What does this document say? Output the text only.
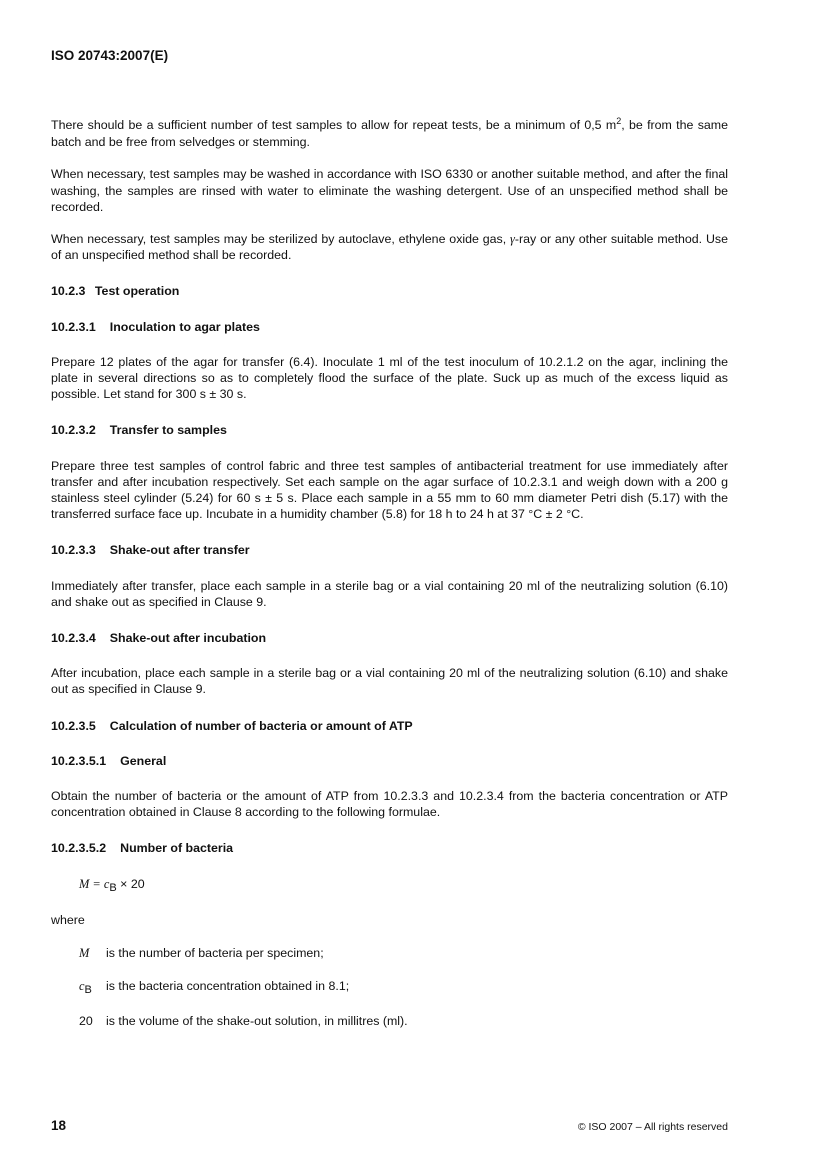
ISO 20743:2007(E)

There should be a sufficient number of test samples to allow for repeat tests, be a minimum of 0,5 $m^2$, be from the same batch and be free from selvedges or stemming.

When necessary, test samples may be washed in accordance with ISO 6330 or another suitable method, and after the final washing, the samples are rinsed with water to eliminate the washing detergent. Use of an unspecified method shall be recorded.

When necessary, test samples may be sterilized by autoclave, ethylene oxide gas, γ-ray or any other suitable method. Use of an unspecified method shall be recorded.

10.2.3 Test operation
10.2.3.1 Inoculation to agar plates

Prepare 12 plates of the agar for transfer (6.4). Inoculate 1 ml of the test inoculum of 10.2.1.2 on the agar, inclining the plate in several directions so as to completely flood the surface of the plate. Suck up as much of the excess liquid as possible. Let stand for 300 s ± 30 s.

10.2.3.2 Transfer to samples

Prepare three test samples of control fabric and three test samples of antibacterial treatment for use immediately after transfer and after incubation respectively. Set each sample on the agar surface of 10.2.3.1 and weigh down with a 200 g stainless steel cylinder (5.24) for 60 s ± 5 s. Place each sample in a 55 mm to 60 mm diameter Petri dish (5.17) with the transferred surface face up. Incubate in a humidity chamber (5.8) for 18 h to 24 h at 37 °C ± 2 °C.

10.2.3.3 Shake-out after transfer

Immediately after transfer, place each sample in a sterile bag or a vial containing 20 ml of the neutralizing solution (6.10) and shake out as specified in Clause 9.

10.2.3.4 Shake-out after incubation

After incubation, place each sample in a sterile bag or a vial containing 20 ml of the neutralizing solution (6.10) and shake out as specified in Clause 9.

10.2.3.5 Calculation of number of bacteria or amount of ATP
10.2.3.5.1 General

Obtain the number of bacteria or the amount of ATP from 10.2.3.3 and 10.2.3.4 from the bacteria concentration or ATP concentration obtained in Clause 8 according to the following formulae.

10.2.3.5.2 Number of bacteria
M = cB × 20
where
M	is the number of bacteria per specimen;
cB	is the bacteria concentration obtained in 8.1;
20	is the volume of the shake-out solution, in millitres (ml).
18	© ISO 2007 – All rights reserved
